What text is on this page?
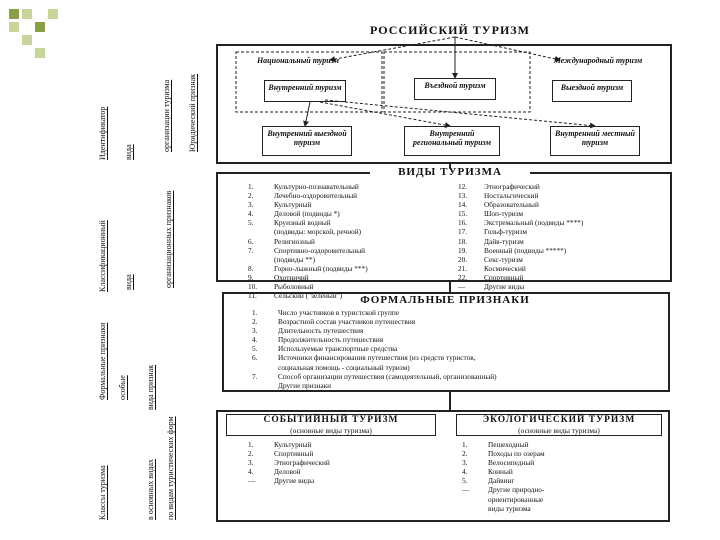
Идентификатор вида
организации туризма Юридический признак
Классификационный вида	организационных признаков
Формальные признаки особые вида признак
Классы туризма	в основных видах по видам туристических форм
РОССИЙСКИЙ ТУРИЗМ
Национальный туризм	Международный туризм
Внутренний туризм	Въездной туризм	Выездной туризм
Внутренний выездной туризм
Внутренний региональный туризм
Внутренний местный туризм
ВИДЫ ТУРИЗМА
1.	Культурно-познавательный
2.	Лечебно-оздоровительный
3.	Культурный
4.	Деловой (подвиды *)
5.	Круизный водный
(подвиды: морской, речной)
6.	Религиозный
7.	Спортивно-оздоровительный
(подвиды **)
8.	Горно-лыжный (подвиды ***)
9.	Охотничий
10. Рыболовный
11. Сельский ("зеленый")
12. Этнографический
13. Ностальгический
14. Образовательный
15. Шоп-туризм
16. Экстремальный (подвиды ****)
17. Гольф-туризм
18. Дайв-туризм
19. Военный (подвиды *****)
20. Секс-туризм
21. Космический
22. Спортивный
—	Другие виды
ФОРМАЛЬНЫЕ ПРИЗНАКИ
1.	Число участников в туристской группе
2.	Возрастной состав участников путешествия
3.	Длительность путешествия
4.	Продолжительность путешествия
5.	Используемые транспортные средства
6.	Источники финансирования путешествия (из средств туристов,
социальная помощь - социальный туризм)
7.	Способ организации путешествия (самодеятельный, организованный)
Другие признаки
СОБЫТИЙНЫЙ ТУРИЗМ
(основные виды туризма)
1.	Культурный
2.	Спортивный
3.	Этнографический
4.	Деловой
—	Другие виды
ЭКОЛОГИЧЕСКИЙ ТУРИЗМ
(основные виды туризма)
1.	Пешеходный
2.	Походы по озерам
3.	Велосипедный
4.	Конный
5.	Дайвинг
—	Другие природно-
ориентированные
виды туризма
